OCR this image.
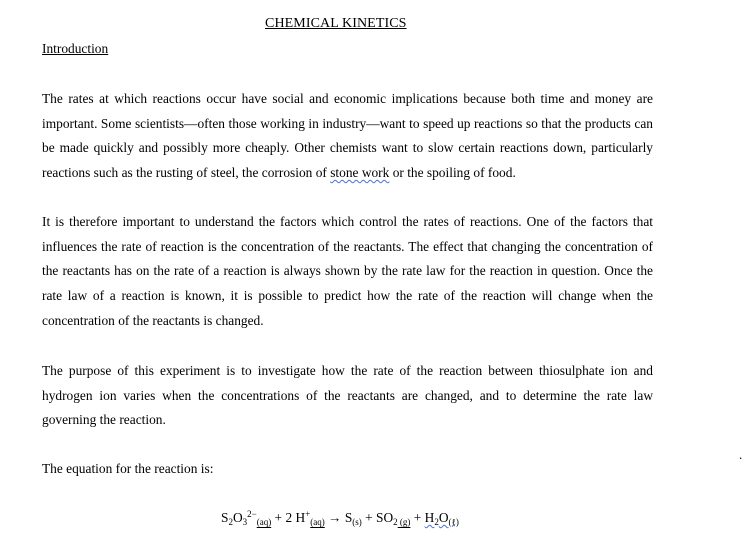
CHEMICAL KINETICS
Introduction

The rates at which reactions occur have social and economic implications because both time and money are important. Some scientists—often those working in industry—want to speed up reactions so that the products can be made quickly and possibly more cheaply. Other chemists want to slow certain reactions down, particularly reactions such as the rusting of steel, the corrosion of stone work or the spoiling of food.

It is therefore important to understand the factors which control the rates of reactions. One of the factors that influences the rate of reaction is the concentration of the reactants. The effect that changing the concentration of the reactants has on the rate of a reaction is always shown by the rate law for the reaction in question. Once the rate law of a reaction is known, it is possible to predict how the rate of the reaction will change when the concentration of the reactants is changed.

The purpose of this experiment is to investigate how the rate of the reaction between thiosulphate ion and hydrogen ion varies when the concentrations of the reactants are changed, and to determine the rate law governing the reaction.

The equation for the reaction is:

$S_2O_3^{2-}_{(aq)} + 2$ $H^+_{(aq)} \to S_{(s)} + SO_2$ $_{(g)} + H_2O_{(\ell)}$
.
